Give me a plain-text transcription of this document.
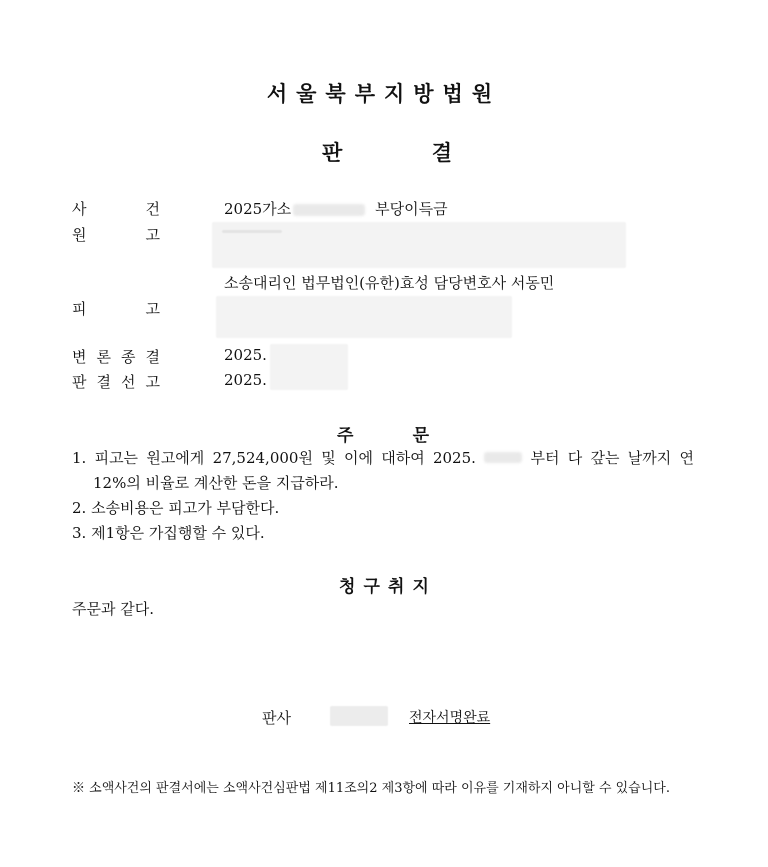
서울북부지방법원
판	결
사	건	2025가소	부당이득금
원	고
소송대리인 법무법인(유한)효성 담당변호사 서동민
피	고
변 론 종 결	2025.
판 결 선 고	2025.
주	문
1. 피고는 원고에게 27,524,000원 및 이에 대하여 2025.	부터 다 갚는 날까지 연
12%의 비율로 계산한 돈을 지급하라.
2. 소송비용은 피고가 부담한다.
3. 제1항은 가집행할 수 있다.
청 구 취 지
주문과 같다.
판사	전자서명완료
※ 소액사건의 판결서에는 소액사건심판법 제11조의2 제3항에 따라 이유를 기재하지 아니할 수 있습니다.
